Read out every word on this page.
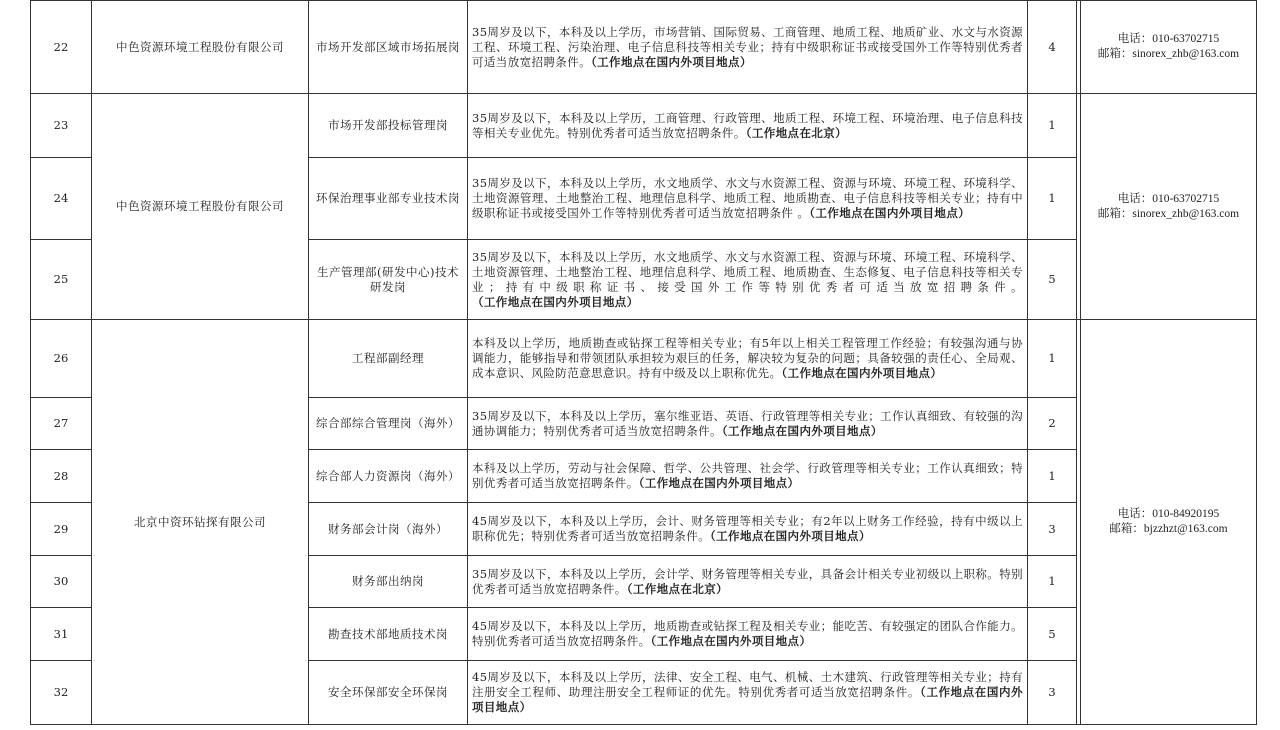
22	中色资源环境工程股份有限公司	市场开发部区域市场拓展岗	35周岁及以下，本科及以上学历，市场营销、国际贸易、工商管理、地质工程、地质矿业、水文与水资源工程、环境工程、污染治理、电子信息科技等相关专业；持有中级职称证书或接受国外工作等特别优秀者可适当放宽招聘条件。（工作地点在国内外项目地点）	4		电话：010-63702715
邮箱：sinorex_zhb@163.com

23	中色资源环境工程股份有限公司	市场开发部投标管理岗	35周岁及以下，本科及以上学历，工商管理、行政管理、地质工程、环境工程、环境治理、电子信息科技等相关专业优先。特别优秀者可适当放宽招聘条件。（工作地点在北京）	1		电话：010-63702715
邮箱：sinorex_zhb@163.com

24		环保治理事业部专业技术岗	35周岁及以下，本科及以上学历，水文地质学、水文与水资源工程、资源与环境、环境工程、环境科学、土地资源管理、土地整治工程、地理信息科学、地质工程、地质勘查、电子信息科技等相关专业；持有中级职称证书或接受国外工作等特别优秀者可适当放宽招聘条件 。（工作地点在国内外项目地点）	1		
25		生产管理部(研发中心)技术研发岗	35周岁及以下，本科及以上学历，水文地质学、水文与水资源工程、资源与环境、环境工程、环境科学、土地资源管理、土地整治工程、地理信息科学、地质工程、地质勘查、生态修复、电子信息科技等相关专业；持有中级职称证书、接受国外工作等特别优秀者可适当放宽招聘条件。（工作地点在国内外项目地点）	5		
26	北京中资环钻探有限公司	工程部副经理	本科及以上学历，地质勘查或钻探工程等相关专业；有5年以上相关工程管理工作经验；有较强沟通与协调能力，能够指导和带领团队承担较为艰巨的任务，解决较为复杂的问题；具备较强的责任心、全局观、成本意识、风险防范意思意识。持有中级及以上职称优先。（工作地点在国内外项目地点）	1		电话：010-84920195
邮箱：bjzzhzt@163.com

27		综合部综合管理岗（海外）	35周岁及以下，本科及以上学历，塞尔维亚语、英语、行政管理等相关专业；工作认真细致、有较强的沟通协调能力；特别优秀者可适当放宽招聘条件。（工作地点在国内外项目地点）	2		
28		综合部人力资源岗（海外）	本科及以上学历，劳动与社会保障、哲学、公共管理、社会学、行政管理等相关专业；工作认真细致；特别优秀者可适当放宽招聘条件。（工作地点在国内外项目地点）	1		
29		财务部会计岗（海外）	45周岁及以下，本科及以上学历，会计、财务管理等相关专业；有2年以上财务工作经验，持有中级以上职称优先；特别优秀者可适当放宽招聘条件。（工作地点在国内外项目地点）	3		
30		财务部出纳岗	35周岁及以下，本科及以上学历，会计学、财务管理等相关专业，具备会计相关专业初级以上职称。特别优秀者可适当放宽招聘条件。（工作地点在北京）	1		
31		勘查技术部地质技术岗	45周岁及以下，本科及以上学历，地质勘查或钻探工程及相关专业；能吃苦、有较强定的团队合作能力。特别优秀者可适当放宽招聘条件。（工作地点在国内外项目地点）	5		
32		安全环保部安全环保岗	45周岁及以下，本科及以上学历，法律、安全工程、电气、机械、土木建筑、行政管理等相关专业；持有注册安全工程师、助理注册安全工程师证的优先。特别优秀者可适当放宽招聘条件。（工作地点在国内外项目地点）	3		
